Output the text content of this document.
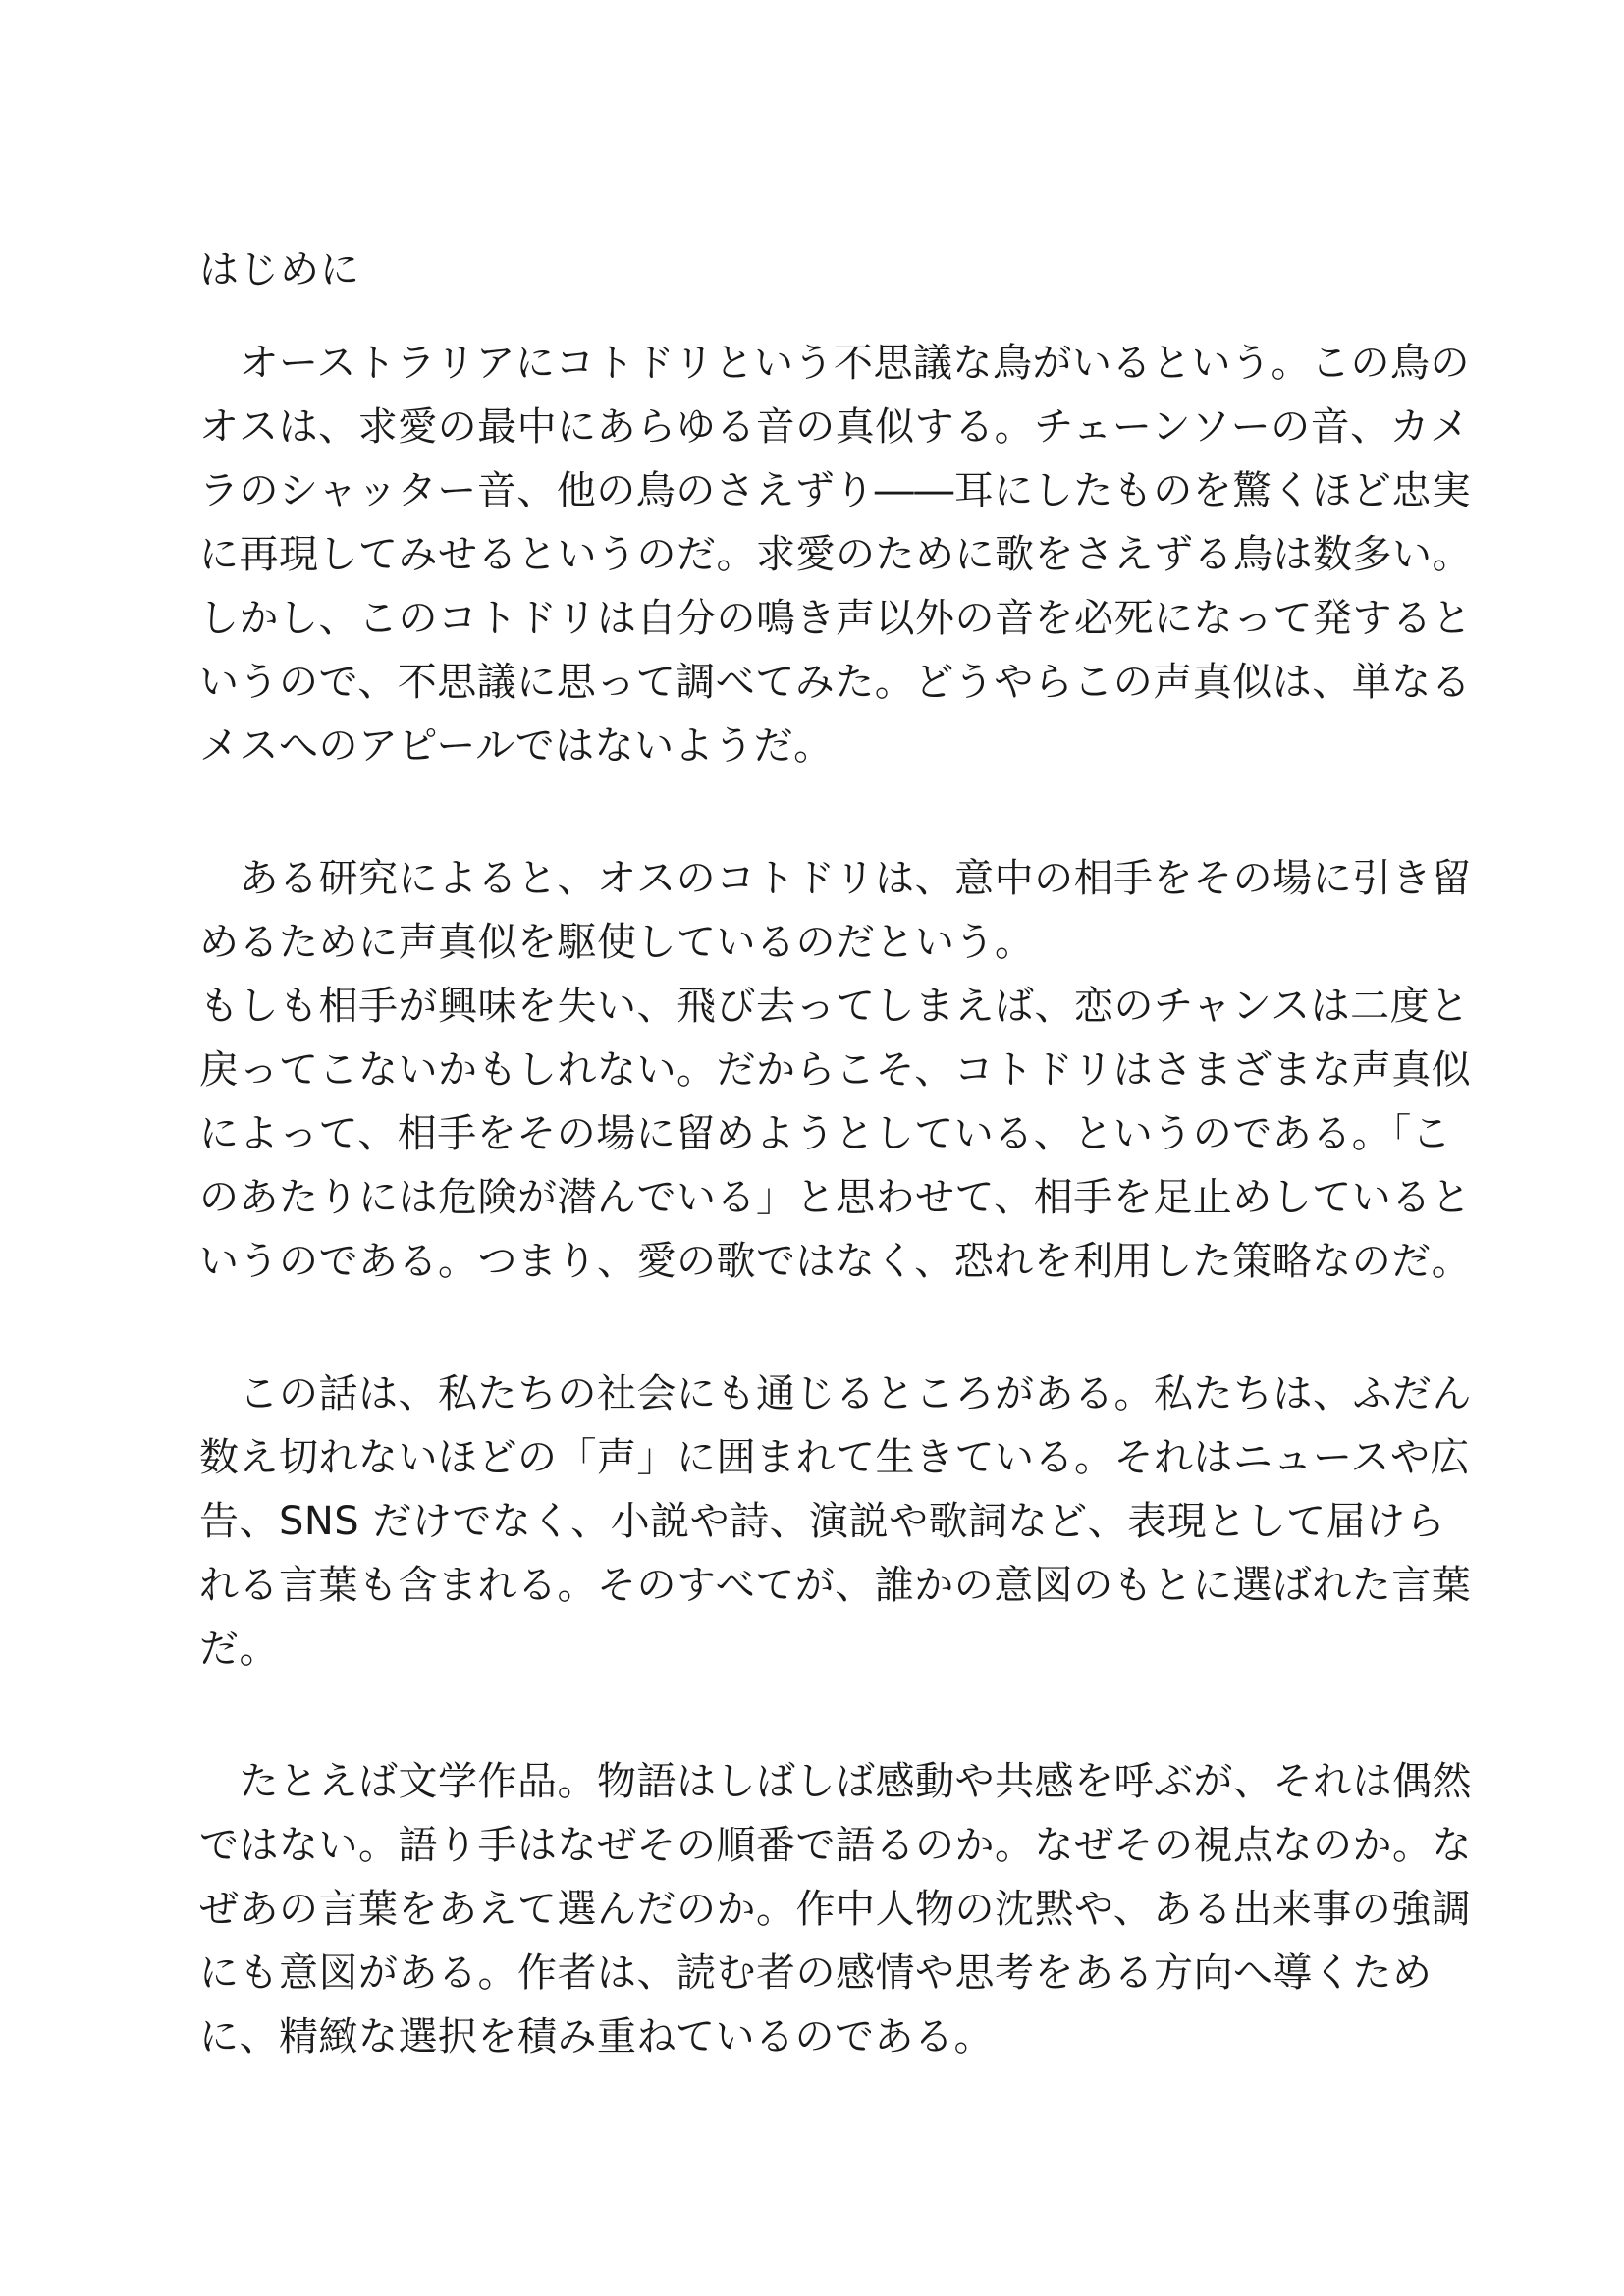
はじめに
　オーストラリアにコトドリという不思議な鳥がいるという。この鳥の
オスは、求愛の最中にあらゆる音の真似する。チェーンソーの音、カメ
ラのシャッター音、他の鳥のさえずり――耳にしたものを驚くほど忠実
に再現してみせるというのだ。求愛のために歌をさえずる鳥は数多い。
しかし、このコトドリは自分の鳴き声以外の音を必死になって発すると
いうので、不思議に思って調べてみた。どうやらこの声真似は、単なる
メスへのアピールではないようだ。
　ある研究によると、オスのコトドリは、意中の相手をその場に引き留
めるために声真似を駆使しているのだという。
もしも相手が興味を失い、飛び去ってしまえば、恋のチャンスは二度と
戻ってこないかもしれない。だからこそ、コトドリはさまざまな声真似
によって、相手をその場に留めようとしている、というのである。「こ
のあたりには危険が潜んでいる」と思わせて、相手を足止めしていると
いうのである。つまり、愛の歌ではなく、恐れを利用した策略なのだ。
　この話は、私たちの社会にも通じるところがある。私たちは、ふだん
数え切れないほどの「声」に囲まれて生きている。それはニュースや広
告、SNS だけでなく、小説や詩、演説や歌詞など、表現として届けら
れる言葉も含まれる。そのすべてが、誰かの意図のもとに選ばれた言葉
だ。
　たとえば文学作品。物語はしばしば感動や共感を呼ぶが、それは偶然
ではない。語り手はなぜその順番で語るのか。なぜその視点なのか。な
ぜあの言葉をあえて選んだのか。作中人物の沈黙や、ある出来事の強調
にも意図がある。作者は、読む者の感情や思考をある方向へ導くため
に、精緻な選択を積み重ねているのである。
